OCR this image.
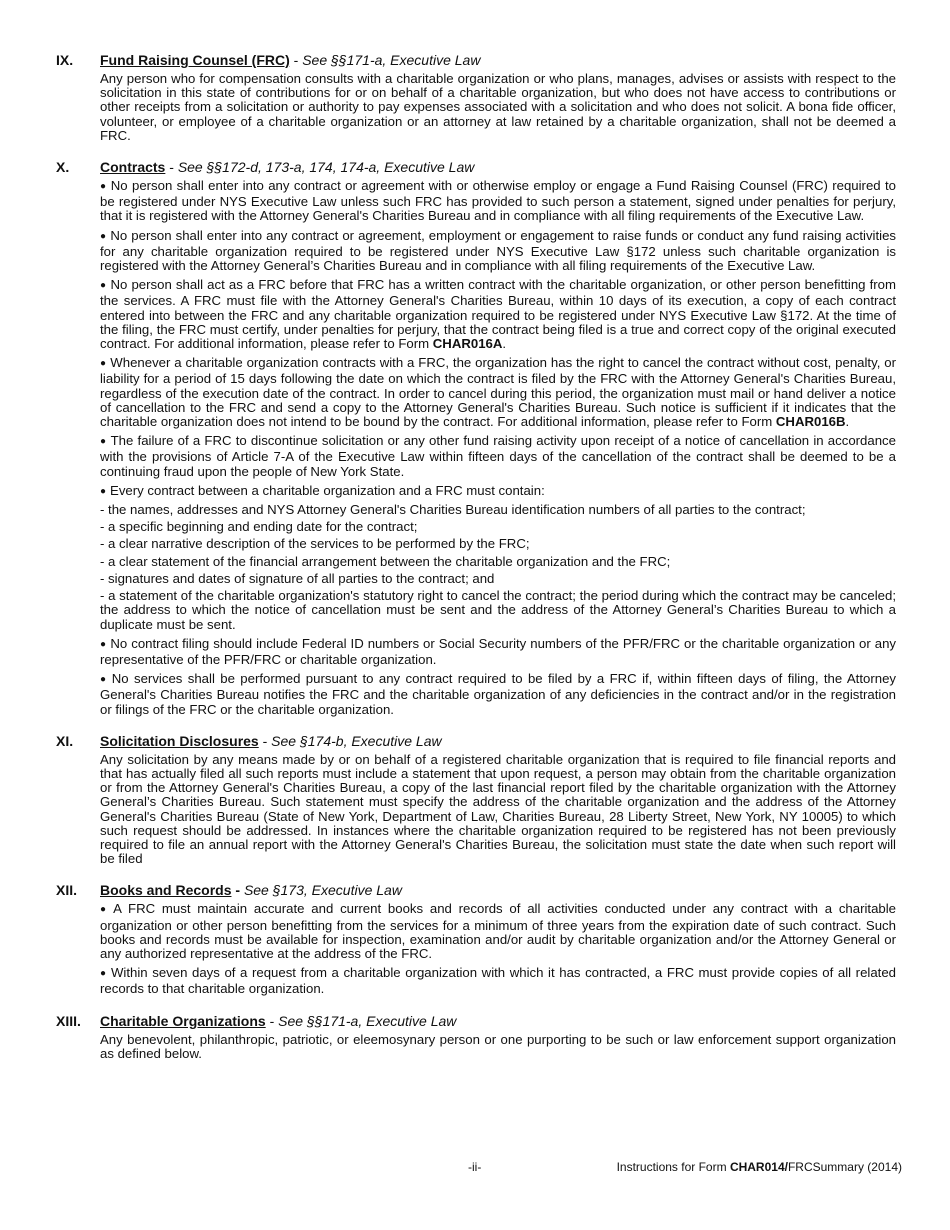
IX. Fund Raising Counsel (FRC) - See §§171-a, Executive Law

Any person who for compensation consults with a charitable organization or who plans, manages, advises or assists with respect to the solicitation in this state of contributions for or on behalf of a charitable organization, but who does not have access to contributions or other receipts from a solicitation or authority to pay expenses associated with a solicitation and who does not solicit. A bona fide officer, volunteer, or employee of a charitable organization or an attorney at law retained by a charitable organization, shall not be deemed a FRC.

X. Contracts - See §§172-d, 173-a, 174, 174-a, Executive Law

● No person shall enter into any contract or agreement with or otherwise employ or engage a Fund Raising Counsel (FRC) required to be registered under NYS Executive Law unless such FRC has provided to such person a statement, signed under penalties for perjury, that it is registered with the Attorney General's Charities Bureau and in compliance with all filing requirements of the Executive Law.

● No person shall enter into any contract or agreement, employment or engagement to raise funds or conduct any fund raising activities for any charitable organization required to be registered under NYS Executive Law §172 unless such charitable organization is registered with the Attorney General’s Charities Bureau and in compliance with all filing requirements of the Executive Law.

● No person shall act as a FRC before that FRC has a written contract with the charitable organization, or other person benefitting from the services. A FRC must file with the Attorney General's Charities Bureau, within 10 days of its execution, a copy of each contract entered into between the FRC and any charitable organization required to be registered under NYS Executive Law §172. At the time of the filing, the FRC must certify, under penalties for perjury, that the contract being filed is a true and correct copy of the original executed contract. For additional information, please refer to Form CHAR016A.

● Whenever a charitable organization contracts with a FRC, the organization has the right to cancel the contract without cost, penalty, or liability for a period of 15 days following the date on which the contract is filed by the FRC with the Attorney General's Charities Bureau, regardless of the execution date of the contract. In order to cancel during this period, the organization must mail or hand deliver a notice of cancellation to the FRC and send a copy to the Attorney General's Charities Bureau. Such notice is sufficient if it indicates that the charitable organization does not intend to be bound by the contract. For additional information, please refer to Form CHAR016B.

● The failure of a FRC to discontinue solicitation or any other fund raising activity upon receipt of a notice of cancellation in accordance with the provisions of Article 7-A of the Executive Law within fifteen days of the cancellation of the contract shall be deemed to be a continuing fraud upon the people of New York State.

● Every contract between a charitable organization and a FRC must contain:

- the names, addresses and NYS Attorney General's Charities Bureau identification numbers of all parties to the contract;

- a specific beginning and ending date for the contract;

- a clear narrative description of the services to be performed by the FRC;

- a clear statement of the financial arrangement between the charitable organization and the FRC;

- signatures and dates of signature of all parties to the contract; and

- a statement of the charitable organization's statutory right to cancel the contract; the period during which the contract may be canceled; the address to which the notice of cancellation must be sent and the address of the Attorney General’s Charities Bureau to which a duplicate must be sent.

● No contract filing should include Federal ID numbers or Social Security numbers of the PFR/FRC or the charitable organization or any representative of the PFR/FRC or charitable organization.

● No services shall be performed pursuant to any contract required to be filed by a FRC if, within fifteen days of filing, the Attorney General's Charities Bureau notifies the FRC and the charitable organization of any deficiencies in the contract and/or in the registration or filings of the FRC or the charitable organization.

XI. Solicitation Disclosures - See §174-b, Executive Law

Any solicitation by any means made by or on behalf of a registered charitable organization that is required to file financial reports and that has actually filed all such reports must include a statement that upon request, a person may obtain from the charitable organization or from the Attorney General's Charities Bureau, a copy of the last financial report filed by the charitable organization with the Attorney General’s Charities Bureau. Such statement must specify the address of the charitable organization and the address of the Attorney General's Charities Bureau (State of New York, Department of Law, Charities Bureau, 28 Liberty Street, New York, NY 10005) to which such request should be addressed. In instances where the charitable organization required to be registered has not been previously required to file an annual report with the Attorney General's Charities Bureau, the solicitation must state the date when such report will be filed

XII. Books and Records - See §173, Executive Law

● A FRC must maintain accurate and current books and records of all activities conducted under any contract with a charitable organization or other person benefitting from the services for a minimum of three years from the expiration date of such contract. Such books and records must be available for inspection, examination and/or audit by charitable organization and/or the Attorney General or any authorized representative at the address of the FRC.

● Within seven days of a request from a charitable organization with which it has contracted, a FRC must provide copies of all related records to that charitable organization.

XIII. Charitable Organizations - See §§171-a, Executive Law

Any benevolent, philanthropic, patriotic, or eleemosynary person or one purporting to be such or law enforcement support organization as defined below.

-ii-	Instructions for Form CHAR014/FRCSummary (2014)
